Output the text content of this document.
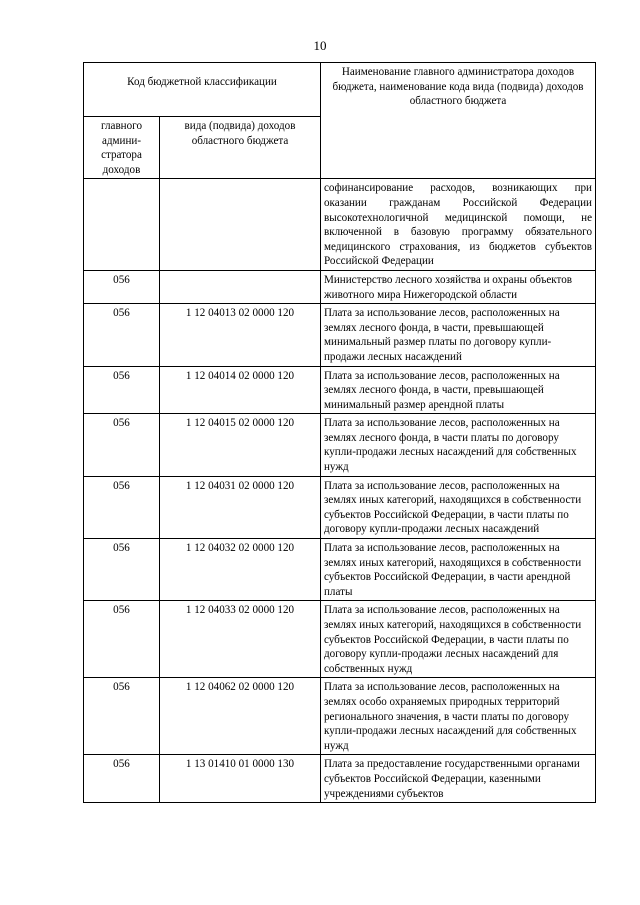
10
Код бюджетной классификации		Наименование главного администратора доходов бюджета, наименование кода вида (подвида) доходов областного бюджета
главного админи-стратора доходов	вида (подвида) доходов областного бюджета	
		софинансирование расходов, возникающих при оказании гражданам Российской Федерации высокотехнологичной медицинской помощи, не включенной в базовую программу обязательного медицинского страхования, из бюджетов субъектов Российской Федерации
056		Министерство лесного хозяйства и охраны объектов животного мира Нижегородской области
056	1 12 04013 02 0000 120	Плата за использование лесов, расположенных на землях лесного фонда, в части, превышающей минимальный размер платы по договору купли-продажи лесных насаждений
056	1 12 04014 02 0000 120	Плата за использование лесов, расположенных на землях лесного фонда, в части, превышающей минимальный размер арендной платы
056	1 12 04015 02 0000 120	Плата за использование лесов, расположенных на землях лесного фонда, в части платы по договору купли-продажи лесных насаждений для собственных нужд
056	1 12 04031 02 0000 120	Плата за использование лесов, расположенных на землях иных категорий, находящихся в собственности субъектов Российской Федерации, в части платы по договору купли-продажи лесных насаждений
056	1 12 04032 02 0000 120	Плата за использование лесов, расположенных на землях иных категорий, находящихся в собственности субъектов Российской Федерации, в части арендной платы
056	1 12 04033 02 0000 120	Плата за использование лесов, расположенных на землях иных категорий, находящихся в собственности субъектов Российской Федерации, в части платы по договору купли-продажи лесных насаждений для собственных нужд
056	1 12 04062 02 0000 120	Плата за использование лесов, расположенных на землях особо охраняемых природных территорий регионального значения, в части платы по договору купли-продажи лесных насаждений для собственных нужд
056	1 13 01410 01 0000 130	Плата за предоставление государственными органами субъектов Российской Федерации, казенными учреждениями субъектов
